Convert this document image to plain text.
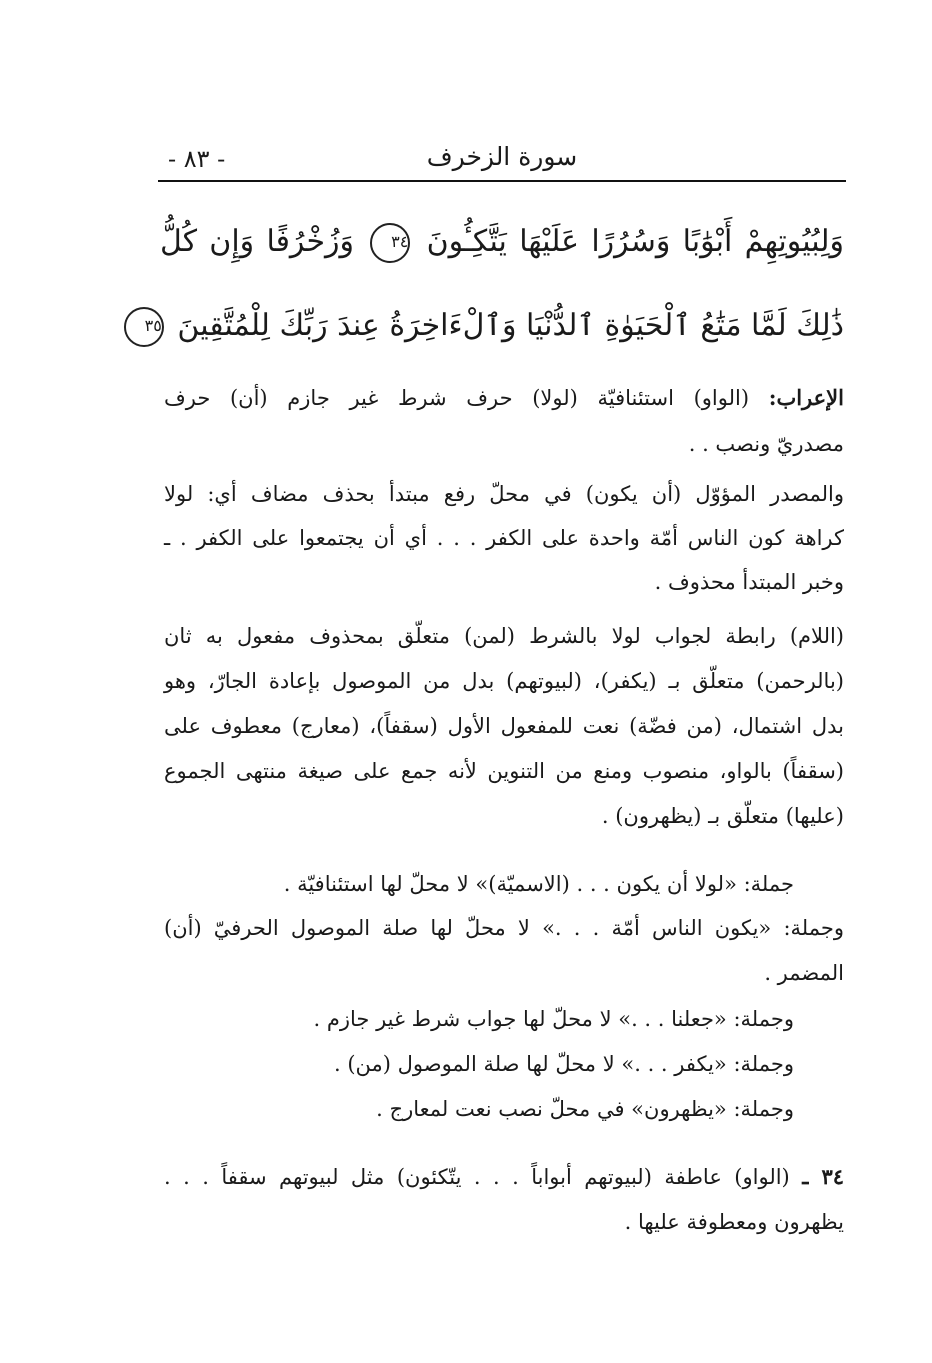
سورة الزخرف
- ٨٣ -
وَلِبُيُوتِهِمْ أَبْوَٰبًا وَسُرُرًا عَلَيْهَا يَتَّكِـُٔونَ ٣٤ وَزُخْرُفًا وَإِن كُلُّ
ذَٰلِكَ لَمَّا مَتَٰعُ ٱلْحَيَوٰةِ ٱلدُّنْيَا وَٱلْءَاخِرَةُ عِندَ رَبِّكَ لِلْمُتَّقِينَ ٣٥
الإعراب: (الواو) استئنافيّة (لولا) حرف شرط غير جازم (أن) حرف
مصدريّ ونصب . .
والمصدر المؤوّل (أن يكون) في محلّ رفع مبتدأ بحذف مضاف أي: لولا
كراهة كون الناس أمّة واحدة على الكفر . . . أي أن يجتمعوا على الكفر . ـ
وخبر المبتدأ محذوف .
(اللام) رابطة لجواب لولا بالشرط (لمن) متعلّق بمحذوف مفعول به ثان
(بالرحمن) متعلّق بـ (يكفر)، (لبيوتهم) بدل من الموصول بإعادة الجارّ، وهو
بدل اشتمال، (من فضّة) نعت للمفعول الأول (سقفاً)، (معارج) معطوف على
(سقفاً) بالواو، منصوب ومنع من التنوين لأنه جمع على صيغة منتهى الجموع
(عليها) متعلّق بـ (يظهرون) .
جملة: «لولا أن يكون . . . (الاسميّة)» لا محلّ لها استئنافيّة .
وجملة: «يكون الناس أمّة . . .» لا محلّ لها صلة الموصول الحرفيّ (أن)
المضمر .
وجملة: «جعلنا . . .» لا محلّ لها جواب شرط غير جازم .
وجملة: «يكفر . . .» لا محلّ لها صلة الموصول (من) .
وجملة: «يظهرون» في محلّ نصب نعت لمعارج .
٣٤ ـ (الواو) عاطفة (لبيوتهم أبواباً . . . يتّكئون) مثل لبيوتهم سقفاً . . .
يظهرون ومعطوفة عليها .
